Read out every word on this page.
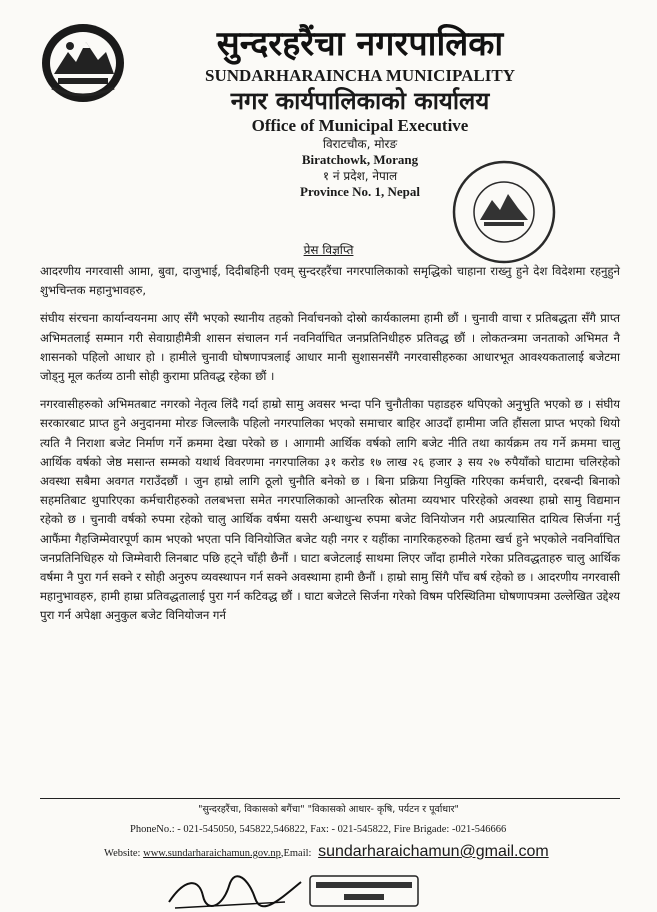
सुन्दरहरैंचा नगरपालिका

SUNDARHARAINCHA MUNICIPALITY

नगर कार्यपालिकाको कार्यालय

Office of Municipal Executive

विराटचौक, मोरङ

Biratchowk, Morang

१ नं प्रदेश, नेपाल

Province No. 1, Nepal

प्रेस विज्ञप्ति

आदरणीय नगरवासी आमा, बुवा, दाजुभाई, दिदीबहिनी एवम् सुन्दरहरैंचा नगरपालिकाको समृद्धिको चाहाना राख्नु हुने देश विदेशमा रहनुहुने शुभचिन्तक महानुभावहरु,

संघीय संरचना कार्यान्वयनमा आए सँगै भएको स्थानीय तहको निर्वाचनको दोस्रो कार्यकालमा हामी छौं । चुनावी वाचा र प्रतिबद्धता सँगै प्राप्त अभिमतलाई सम्मान गरी सेवाग्राहीमैत्री शासन संचालन गर्न नवनिर्वाचित जनप्रतिनिधीहरु प्रतिवद्ध छौं । लोकतन्त्रमा जनताको अभिमत नै शासनको पहिलो आधार हो । हामीले चुनावी घोषणापत्रलाई आधार मानी सुशासनसँगै नगरवासीहरुका आधारभूत आवश्यकतालाई बजेटमा जोड्नु मूल कर्तव्य ठानी सोही कुरामा प्रतिवद्ध रहेका छौं ।

नगरवासीहरुको अभिमतबाट नगरको नेतृत्व लिंदै गर्दा हाम्रो सामु अवसर भन्दा पनि चुनौतीका पहाडहरु थपिएको अनुभुति भएको छ । संघीय सरकारबाट प्राप्त हुने अनुदानमा मोरङ जिल्लाकै पहिलो नगरपालिका भएको समाचार बाहिर आउदाँ हामीमा जति हौंसला प्राप्त भएको थियो त्यति नै निराशा बजेट निर्माण गर्ने क्रममा देखा परेको छ । आगामी आर्थिक वर्षको लागि बजेट नीति तथा कार्यक्रम तय गर्ने क्रममा चालु आर्थिक वर्षको जेष्ठ मसान्त सम्मको यथार्थ विवरणमा नगरपालिका ३१ करोड १७ लाख २६ हजार ३ सय २७ रुपैयाँको घाटामा चलिरहेको अवस्था सबैमा अवगत गराउँदछौं । जुन हाम्रो लागि ठूलो चुनौति बनेको छ । बिना प्रक्रिया नियुक्ति गरिएका कर्मचारी, दरबन्दी बिनाको सहमतिबाट थुपारिएका कर्मचारीहरुको तलबभत्ता समेत नगरपालिकाको आन्तरिक स्रोतमा व्ययभार परिरहेको अवस्था हाम्रो सामु विद्यमान रहेको छ । चुनावी वर्षको रुपमा रहेको चालु आर्थिक वर्षमा यसरी अन्धाधुन्ध रुपमा बजेट विनियोजन गरी अप्रत्यासित दायित्व सिर्जना गर्नु आफैंमा गैहजिम्मेवारपूर्ण काम भएको भएता पनि विनियोजित बजेट यही नगर र यहींका नागरिकहरुको हितमा खर्च हुने भएकोले नवनिर्वाचित जनप्रतिनिधिहरु यो जिम्मेवारी लिनबाट पछि हट्ने चाँही छैनौं । घाटा बजेटलाई साथमा लिएर जाँदा हामीले गरेका प्रतिवद्धताहरु चालु आर्थिक वर्षमा नै पुरा गर्न सक्ने र सोही अनुरुप व्यवस्थापन गर्न सक्ने अवस्थामा हामी छैनौं । हाम्रो सामु सिंगै पाँच बर्ष रहेको छ । आदरणीय नगरवासी महानुभावहरु, हामी हाम्रा प्रतिवद्धतालाई पुरा गर्न कटिवद्ध छौं । घाटा बजेटले सिर्जना गरेको विषम परिस्थितिमा घोषणापत्रमा उल्लेखित उद्देश्य पुरा गर्न अपेक्षा अनुकुल बजेट विनियोजन गर्न

"सुन्दरहरैंचा, विकासको बगैंचा" "विकासको आधार- कृषि, पर्यटन र पूर्वाधार"
PhoneNo.: - 021-545050, 545822,546822, Fax: - 021-545822, Fire Brigade: -021-546666
Website: www.sundarharaichamun.gov.np,Email: sundarharaichamun@gmail.com
